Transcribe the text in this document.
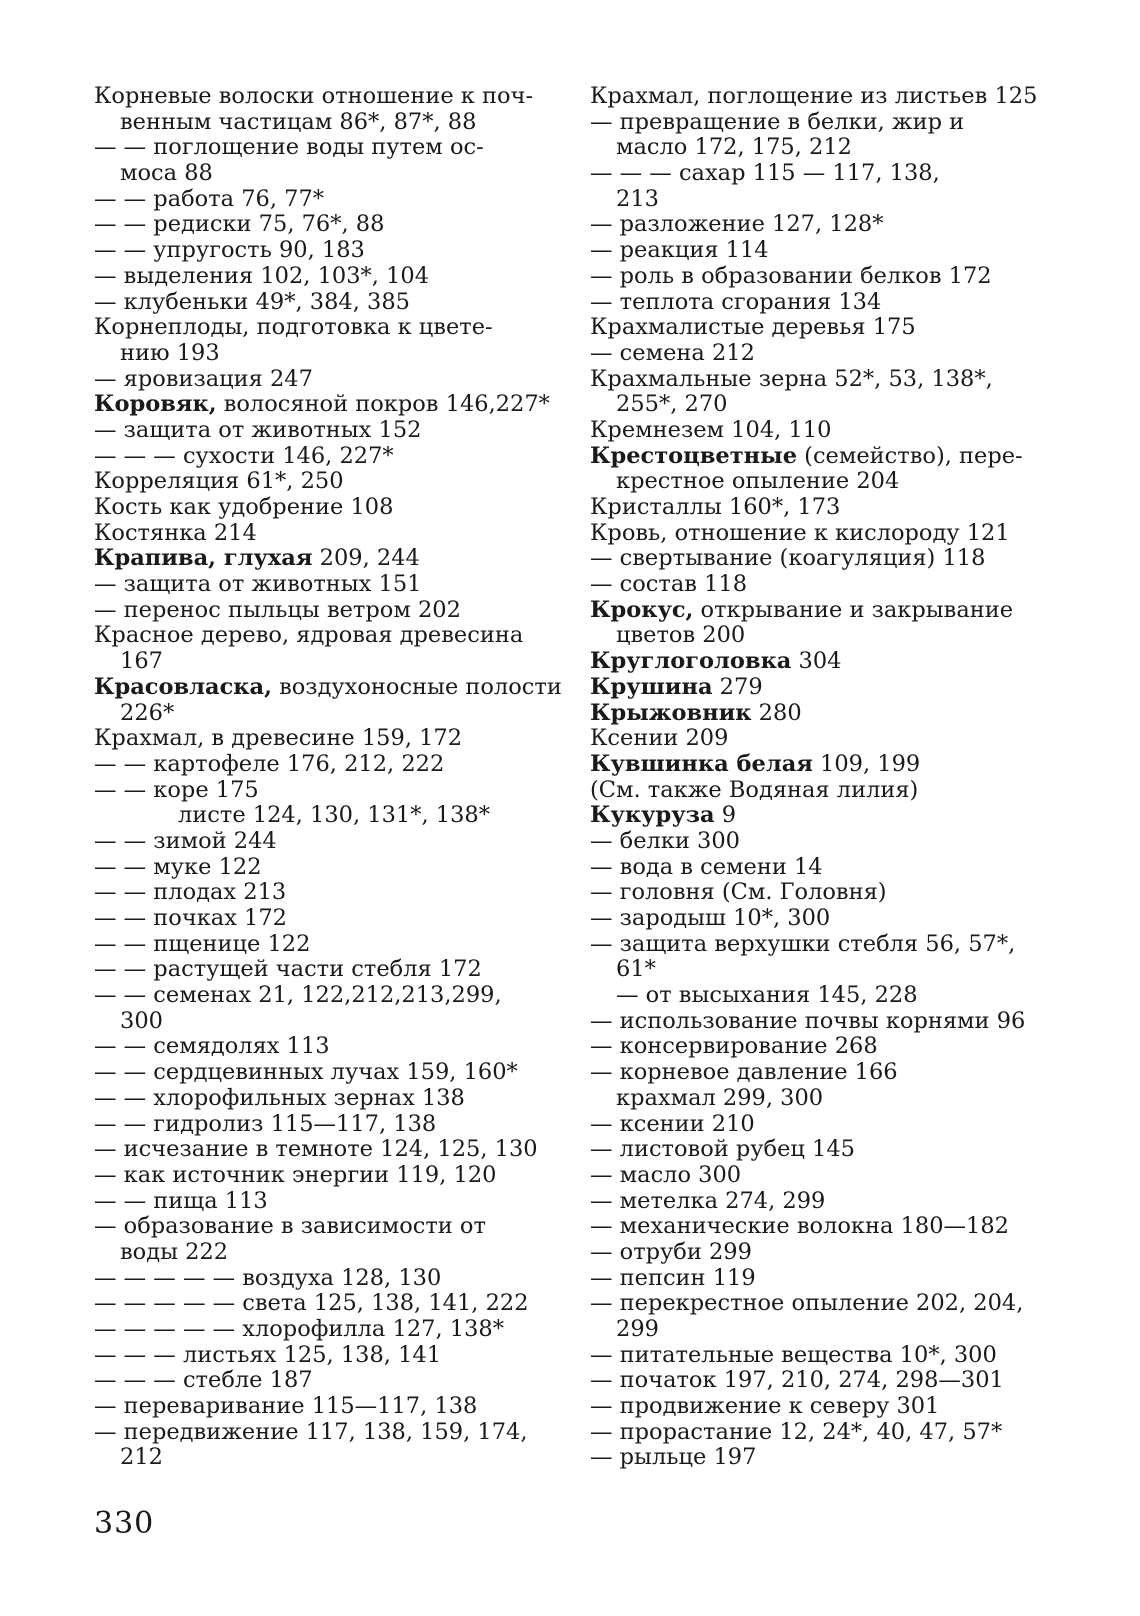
Корневые волоски отношение к поч-
венным частицам 86*, 87*, 88
— — поглощение воды путем ос-
моса 88
— — работа 76, 77*
— — редиски 75, 76*, 88
— — упругость 90, 183
— выделения 102, 103*, 104
— клубеньки 49*, 384, 385
Корнеплоды, подготовка к цвете-
нию 193
— яровизация 247
Коровяк, волосяной покров 146,227*
— защита от животных 152
— — — сухости 146, 227*
Корреляция 61*, 250
Кость как удобрение 108
Костянка 214
Крапива, глухая 209, 244
— защита от животных 151
— перенос пыльцы ветром 202
Красное дерево, ядровая древесина
167
Красовласка, воздухоносные полости
226*
Крахмал, в древесине 159, 172
— — картофеле 176, 212, 222
— — коре 175
листе 124, 130, 131*, 138*
— — зимой 244
— — муке 122
— — плодах 213
— — почках 172
— — пщенице 122
— — растущей части стебля 172
— — семенах 21, 122,212,213,299,
300
— — семядолях 113
— — сердцевинных лучах 159, 160*
— — хлорофильных зернах 138
— — гидролиз 115—117, 138
— исчезание в темноте 124, 125, 130
— как источник энергии 119, 120
— — пища 113
— образование в зависимости от
воды 222
— — — — — воздуха 128, 130
— — — — — света 125, 138, 141, 222
— — — — — хлорофилла 127, 138*
— — — листьях 125, 138, 141
— — — стебле 187
— переваривание 115—117, 138
— передвижение 117, 138, 159, 174,
212
Крахмал, поглощение из листьев 125
— превращение в белки, жир и
масло 172, 175, 212
— — — сахар 115 — 117, 138,
213
— разложение 127, 128*
— реакция 114
— роль в образовании белков 172
— теплота сгорания 134
Крахмалистые деревья 175
— семена 212
Крахмальные зерна 52*, 53, 138*,
255*, 270
Кремнезем 104, 110
Крестоцветные (семейство), пере-
крестное опыление 204
Кристаллы 160*, 173
Кровь, отношение к кислороду 121
— свертывание (коагуляция) 118
— состав 118
Крокус, открывание и закрывание
цветов 200
Круглоголовка 304
Крушина 279
Крыжовник 280
Ксении 209
Кувшинка белая 109, 199
(См. также Водяная лилия)
Кукуруза 9
— белки 300
— вода в семени 14
— головня (См. Головня)
— зародыш 10*, 300
— защита верхушки стебля 56, 57*,
61*
— от высыхания 145, 228
— использование почвы корнями 96
— консервирование 268
— корневое давление 166
крахмал 299, 300
— ксении 210
— листовой рубец 145
— масло 300
— метелка 274, 299
— механические волокна 180—182
— отруби 299
— пепсин 119
— перекрестное опыление 202, 204,
299
— питательные вещества 10*, 300
— початок 197, 210, 274, 298—301
— продвижение к северу 301
— прорастание 12, 24*, 40, 47, 57*
— рыльце 197
330
